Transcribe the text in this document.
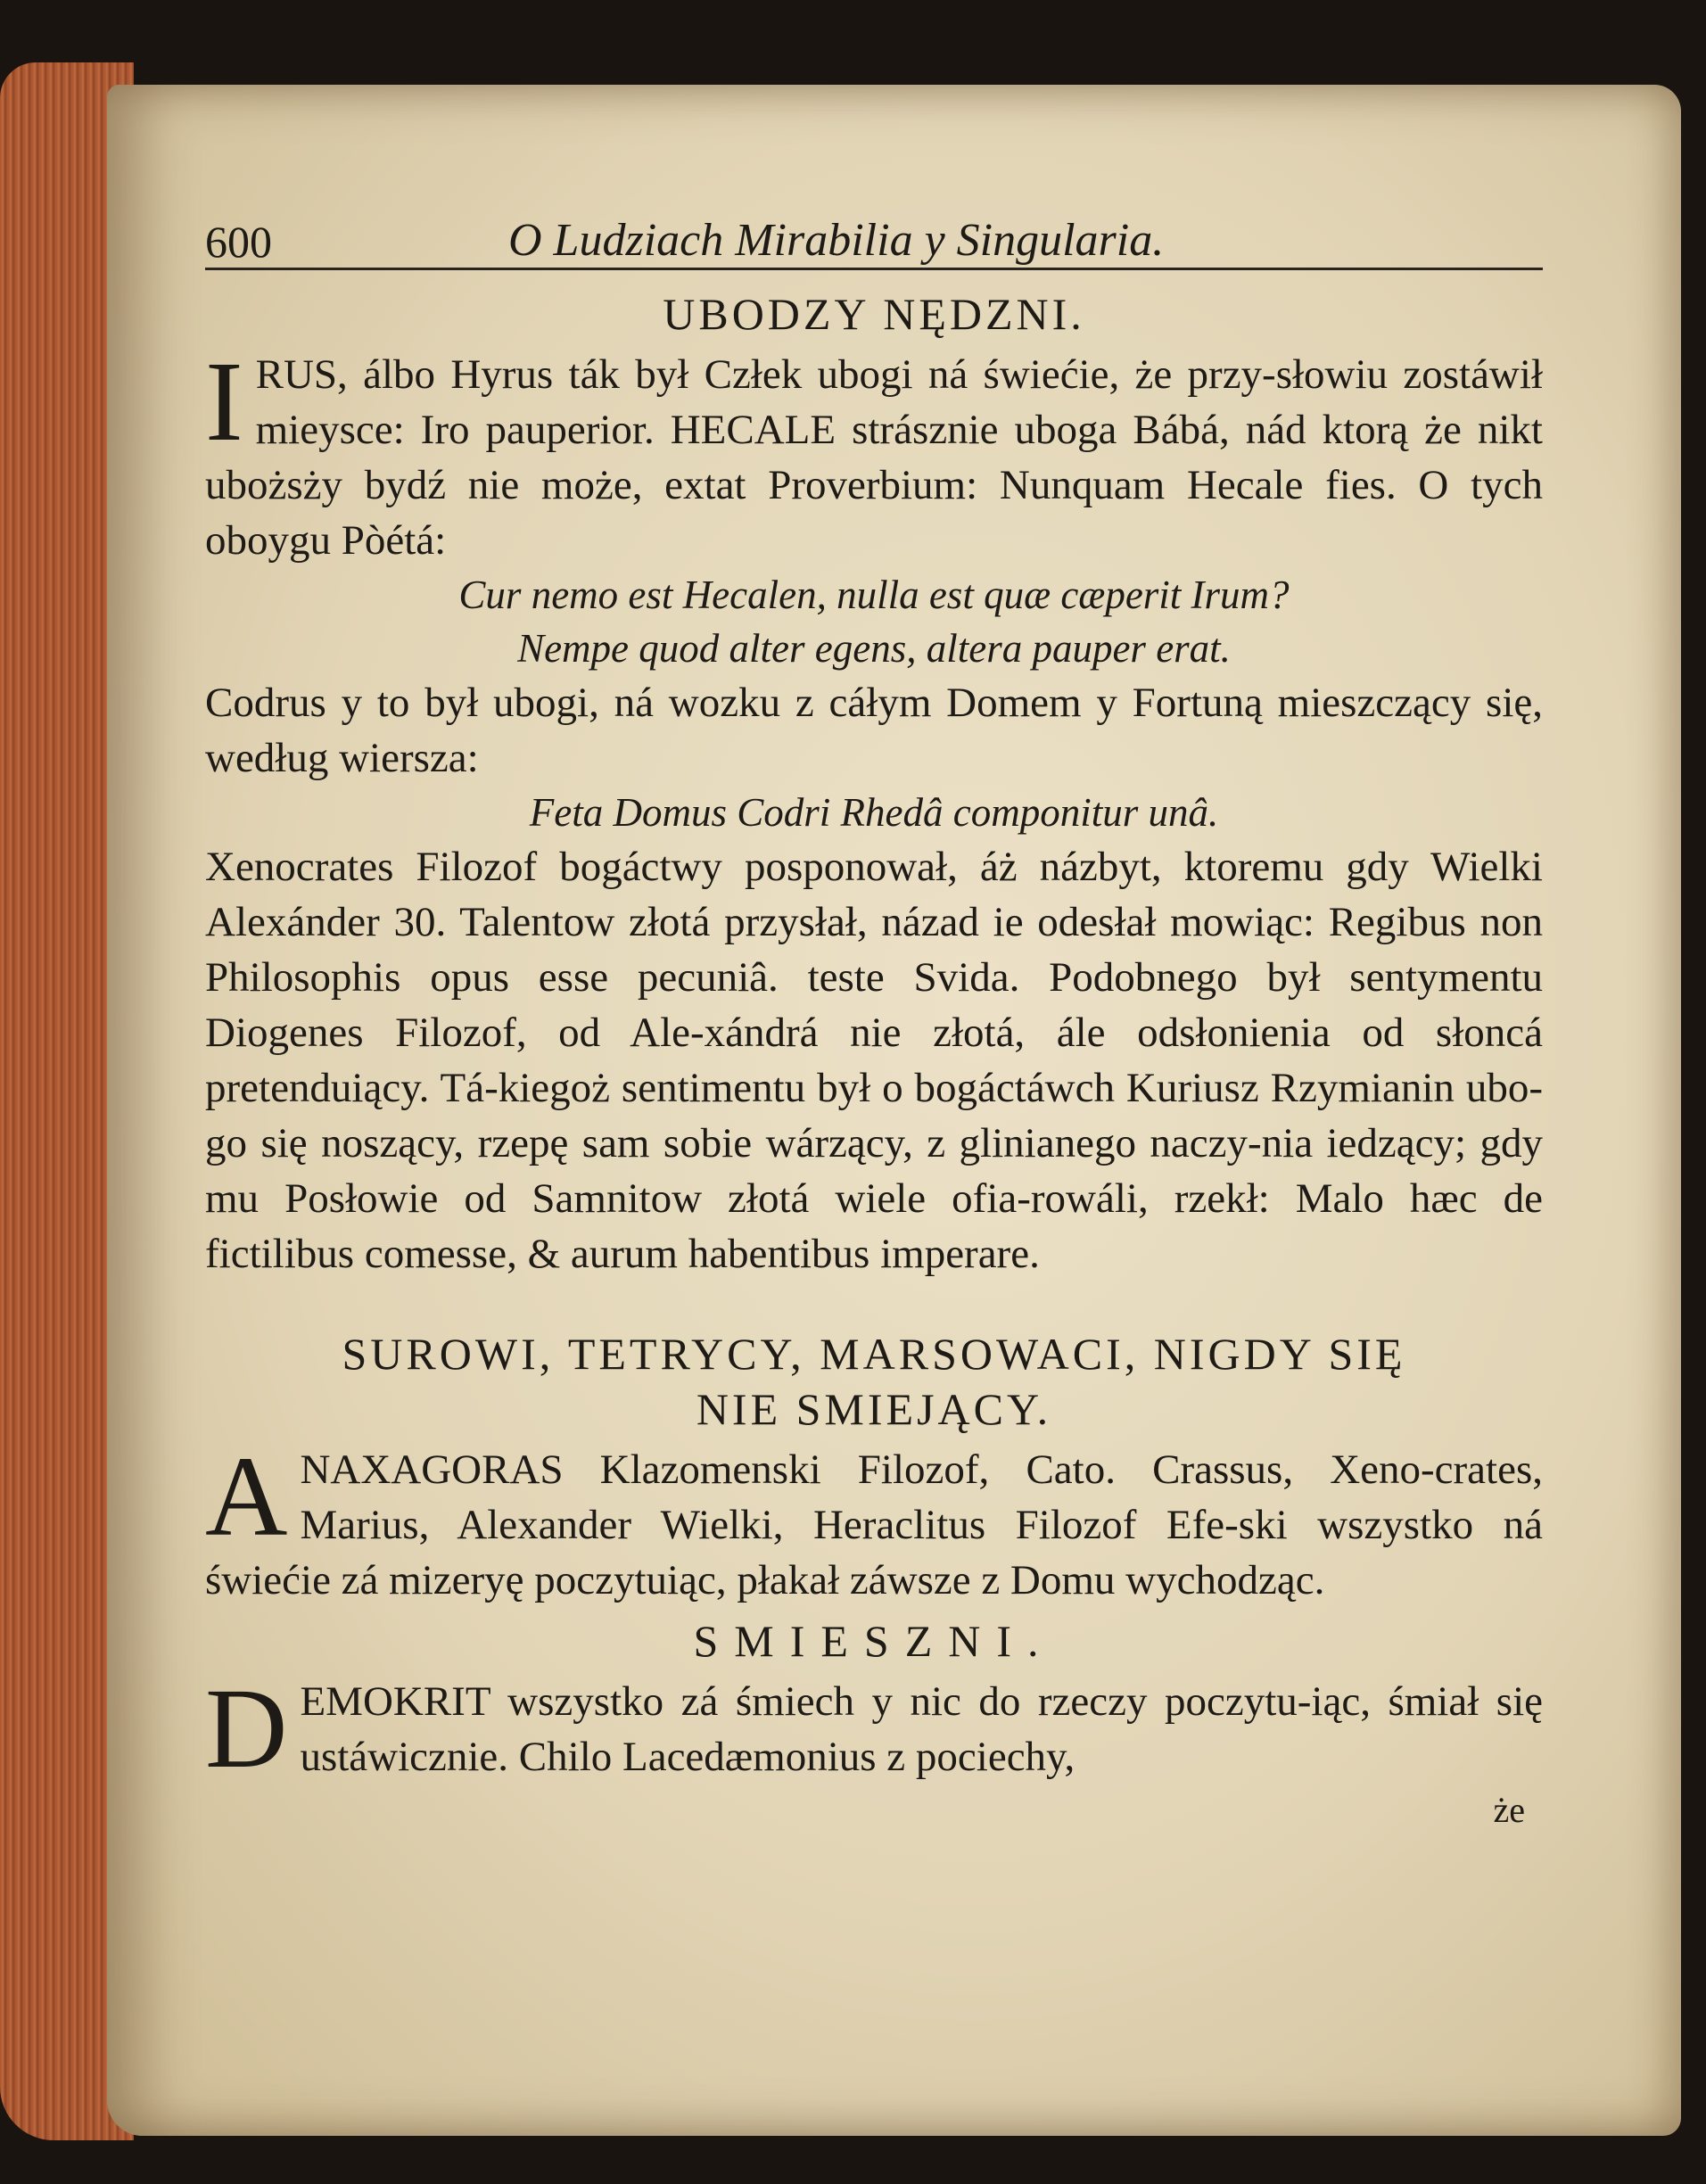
600	O Ludziach Mirabilia y Singularia.
UBODZY NĘDZNI.

I RUS, álbo Hyrus ták był Człek ubogi ná świećie, że przy-słowiu zostáwił mieysce: Iro pauperior. HECALE strásznie uboga Bábá, nád ktorą że nikt ubożsży bydź nie może, extat Proverbium: Nunquam Hecale fies. O tych oboygu Pòétá:

Cur nemo est Hecalen, nulla est quæ cæperit Irum?

Nempe quod alter egens, altera pauper erat.

Codrus y to był ubogi, ná wozku z cáłym Domem y Fortuną mieszczący się, według wiersza:

Feta Domus Codri Rhedâ componitur unâ.

Xenocrates Filozof bogáctwy posponował, áż názbyt, ktoremu gdy Wielki Alexánder 30. Talentow złotá przysłał, názad ie odesłał mowiąc: Regibus non Philosophis opus esse pecuniâ. teste Svida. Podobnego był sentymentu Diogenes Filozof, od Ale-xándrá nie złotá, ále odsłonienia od słoncá pretenduiący. Tá-kiegoż sentimentu był o bogáctáwch Kuriusz Rzymianin ubo-go się noszący, rzepę sam sobie wárzący, z glinianego naczy-nia iedzący; gdy mu Posłowie od Samnitow złotá wiele ofia-rowáli, rzekł: Malo hæc de fictilibus comesse, & aurum habentibus imperare.

SUROWI, TETRYCY, MARSOWACI, NIGDY SIĘ
NIE SMIEJĄCY.

A NAXAGORAS Klazomenski Filozof, Cato. Crassus, Xeno-crates, Marius, Alexander Wielki, Heraclitus Filozof Efe-ski wszystko ná świećie zá mizeryę poczytuiąc, płakał záwsze z Domu wychodząc.

SMIESZNI.

D EMOKRIT wszystko zá śmiech y nic do rzeczy poczytu-iąc, śmiał się ustáwicznie. Chilo Lacedæmonius z pociechy,

że
